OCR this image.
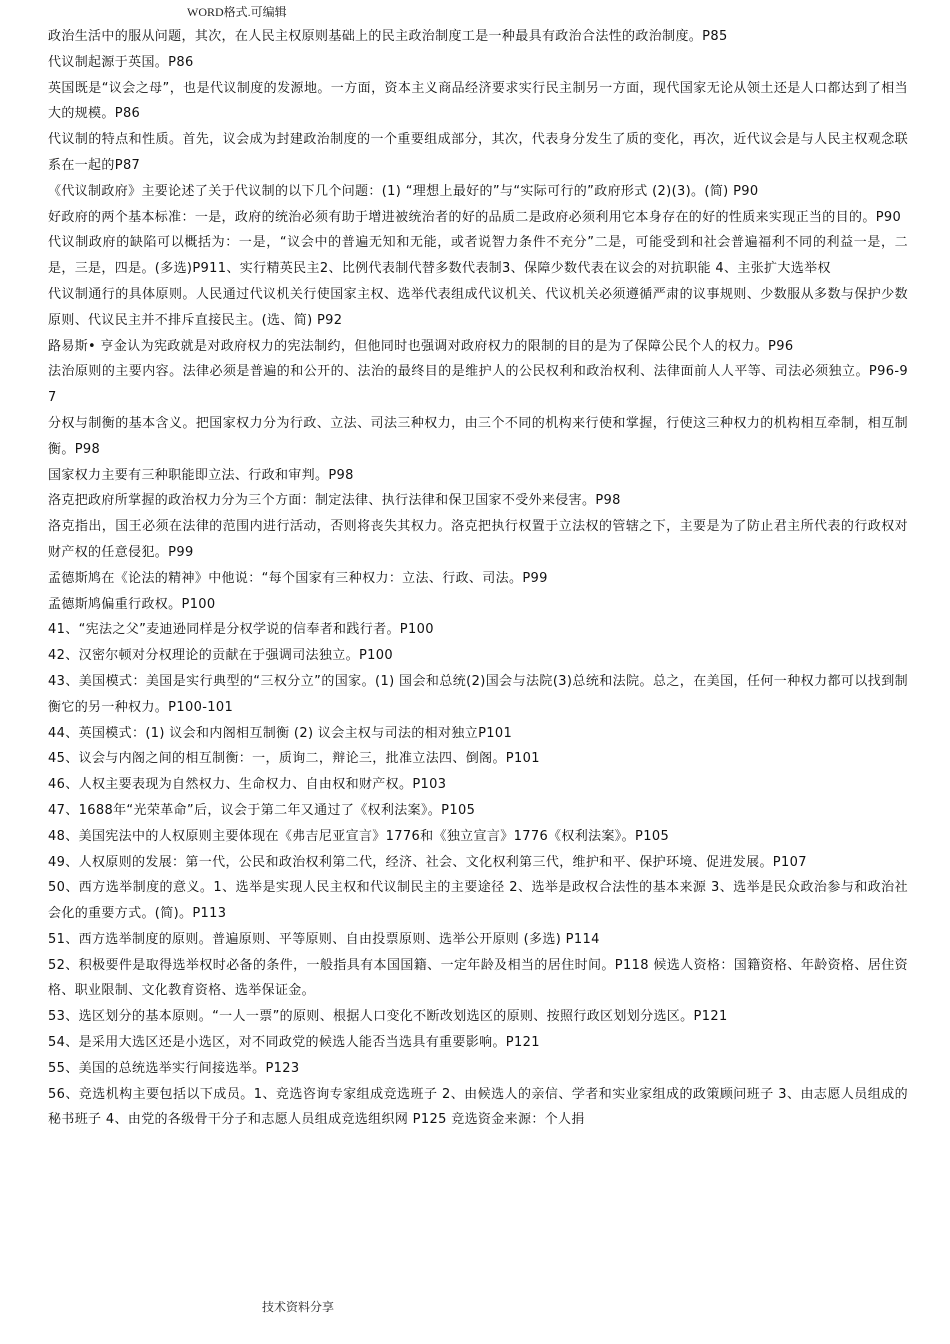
WORD格式.可编辑

政治生活中的服从问题，其次，在人民主权原则基础上的民主政治制度工是一种最具有政治合法性的政治制度。P85

代议制起源于英国。P86

英国既是“议会之母”，也是代议制度的发源地。一方面，资本主义商品经济要求实行民主制另一方面，现代国家无论从领土还是人口都达到了相当大的规模。P86

代议制的特点和性质。首先，议会成为封建政治制度的一个重要组成部分，其次，代表身分发生了质的变化，再次，近代议会是与人民主权观念联系在一起的P87

《代议制政府》主要论述了关于代议制的以下几个问题：(1) “理想上最好的”与“实际可行的”政府形式 (2)(3)。(简) P90

好政府的两个基本标准：一是，政府的统治必须有助于增进被统治者的好的品质二是政府必须利用它本身存在的好的性质来实现正当的目的。P90

代议制政府的缺陷可以概括为：一是，“议会中的普遍无知和无能，或者说智力条件不充分”二是，可能受到和社会普遍福利不同的利益一是，二是，三是，四是。(多选)P911、实行精英民主2、比例代表制代替多数代表制3、保障少数代表在议会的对抗职能 4、主张扩大选举权

代议制通行的具体原则。人民通过代议机关行使国家主权、选举代表组成代议机关、代议机关必须遵循严肃的议事规则、少数服从多数与保护少数原则、代议民主并不排斥直接民主。(选、简) P92

路易斯• 亨金认为宪政就是对政府权力的宪法制约，但他同时也强调对政府权力的限制的目的是为了保障公民个人的权力。P96

法治原则的主要内容。法律必须是普遍的和公开的、法治的最终目的是维护人的公民权利和政治权利、法律面前人人平等、司法必须独立。P96-97

分权与制衡的基本含义。把国家权力分为行政、立法、司法三种权力，由三个不同的机构来行使和掌握，行使这三种权力的机构相互牵制，相互制衡。P98

国家权力主要有三种职能即立法、行政和审判。P98

洛克把政府所掌握的政治权力分为三个方面：制定法律、执行法律和保卫国家不受外来侵害。P98

洛克指出，国王必须在法律的范围内进行活动，否则将丧失其权力。洛克把执行权置于立法权的管辖之下，主要是为了防止君主所代表的行政权对财产权的任意侵犯。P99

孟德斯鸠在《论法的精神》中他说：“每个国家有三种权力：立法、行政、司法。P99

孟德斯鸠偏重行政权。P100

41、“宪法之父”麦迪逊同样是分权学说的信奉者和践行者。P100

42、汉密尔顿对分权理论的贡献在于强调司法独立。P100

43、美国模式：美国是实行典型的“三权分立”的国家。(1) 国会和总统(2)国会与法院(3)总统和法院。总之，在美国，任何一种权力都可以找到制衡它的另一种权力。P100-101

44、英国模式：(1) 议会和内阁相互制衡 (2) 议会主权与司法的相对独立P101

45、议会与内阁之间的相互制衡：一，质询二，辩论三，批准立法四、倒阁。P101

46、人权主要表现为自然权力、生命权力、自由权和财产权。P103

47、1688年“光荣革命”后，议会于第二年又通过了《权利法案》。P105

48、美国宪法中的人权原则主要体现在《弗吉尼亚宣言》1776和《独立宣言》1776《权利法案》。P105

49、人权原则的发展：第一代，公民和政治权利第二代，经济、社会、文化权利第三代，维护和平、保护环境、促进发展。P107

50、西方选举制度的意义。1、选举是实现人民主权和代议制民主的主要途径 2、选举是政权合法性的基本来源 3、选举是民众政治参与和政治社会化的重要方式。(简)。P113

51、西方选举制度的原则。普遍原则、平等原则、自由投票原则、选举公开原则 (多选) P114

52、积极要件是取得选举权时必备的条件，一般指具有本国国籍、一定年龄及相当的居住时间。P118 候选人资格：国籍资格、年龄资格、居住资格、职业限制、文化教育资格、选举保证金。

53、选区划分的基本原则。“一人一票”的原则、根据人口变化不断改划选区的原则、按照行政区划划分选区。P121

54、是采用大选区还是小选区，对不同政党的候选人能否当选具有重要影响。P121

55、美国的总统选举实行间接选举。P123

56、竞选机构主要包括以下成员。1、竞选咨询专家组成竞选班子 2、由候选人的亲信、学者和实业家组成的政策顾问班子 3、由志愿人员组成的秘书班子 4、由党的各级骨干分子和志愿人员组成竞选组织网 P125 竞选资金来源：个人捐

技术资料分享
